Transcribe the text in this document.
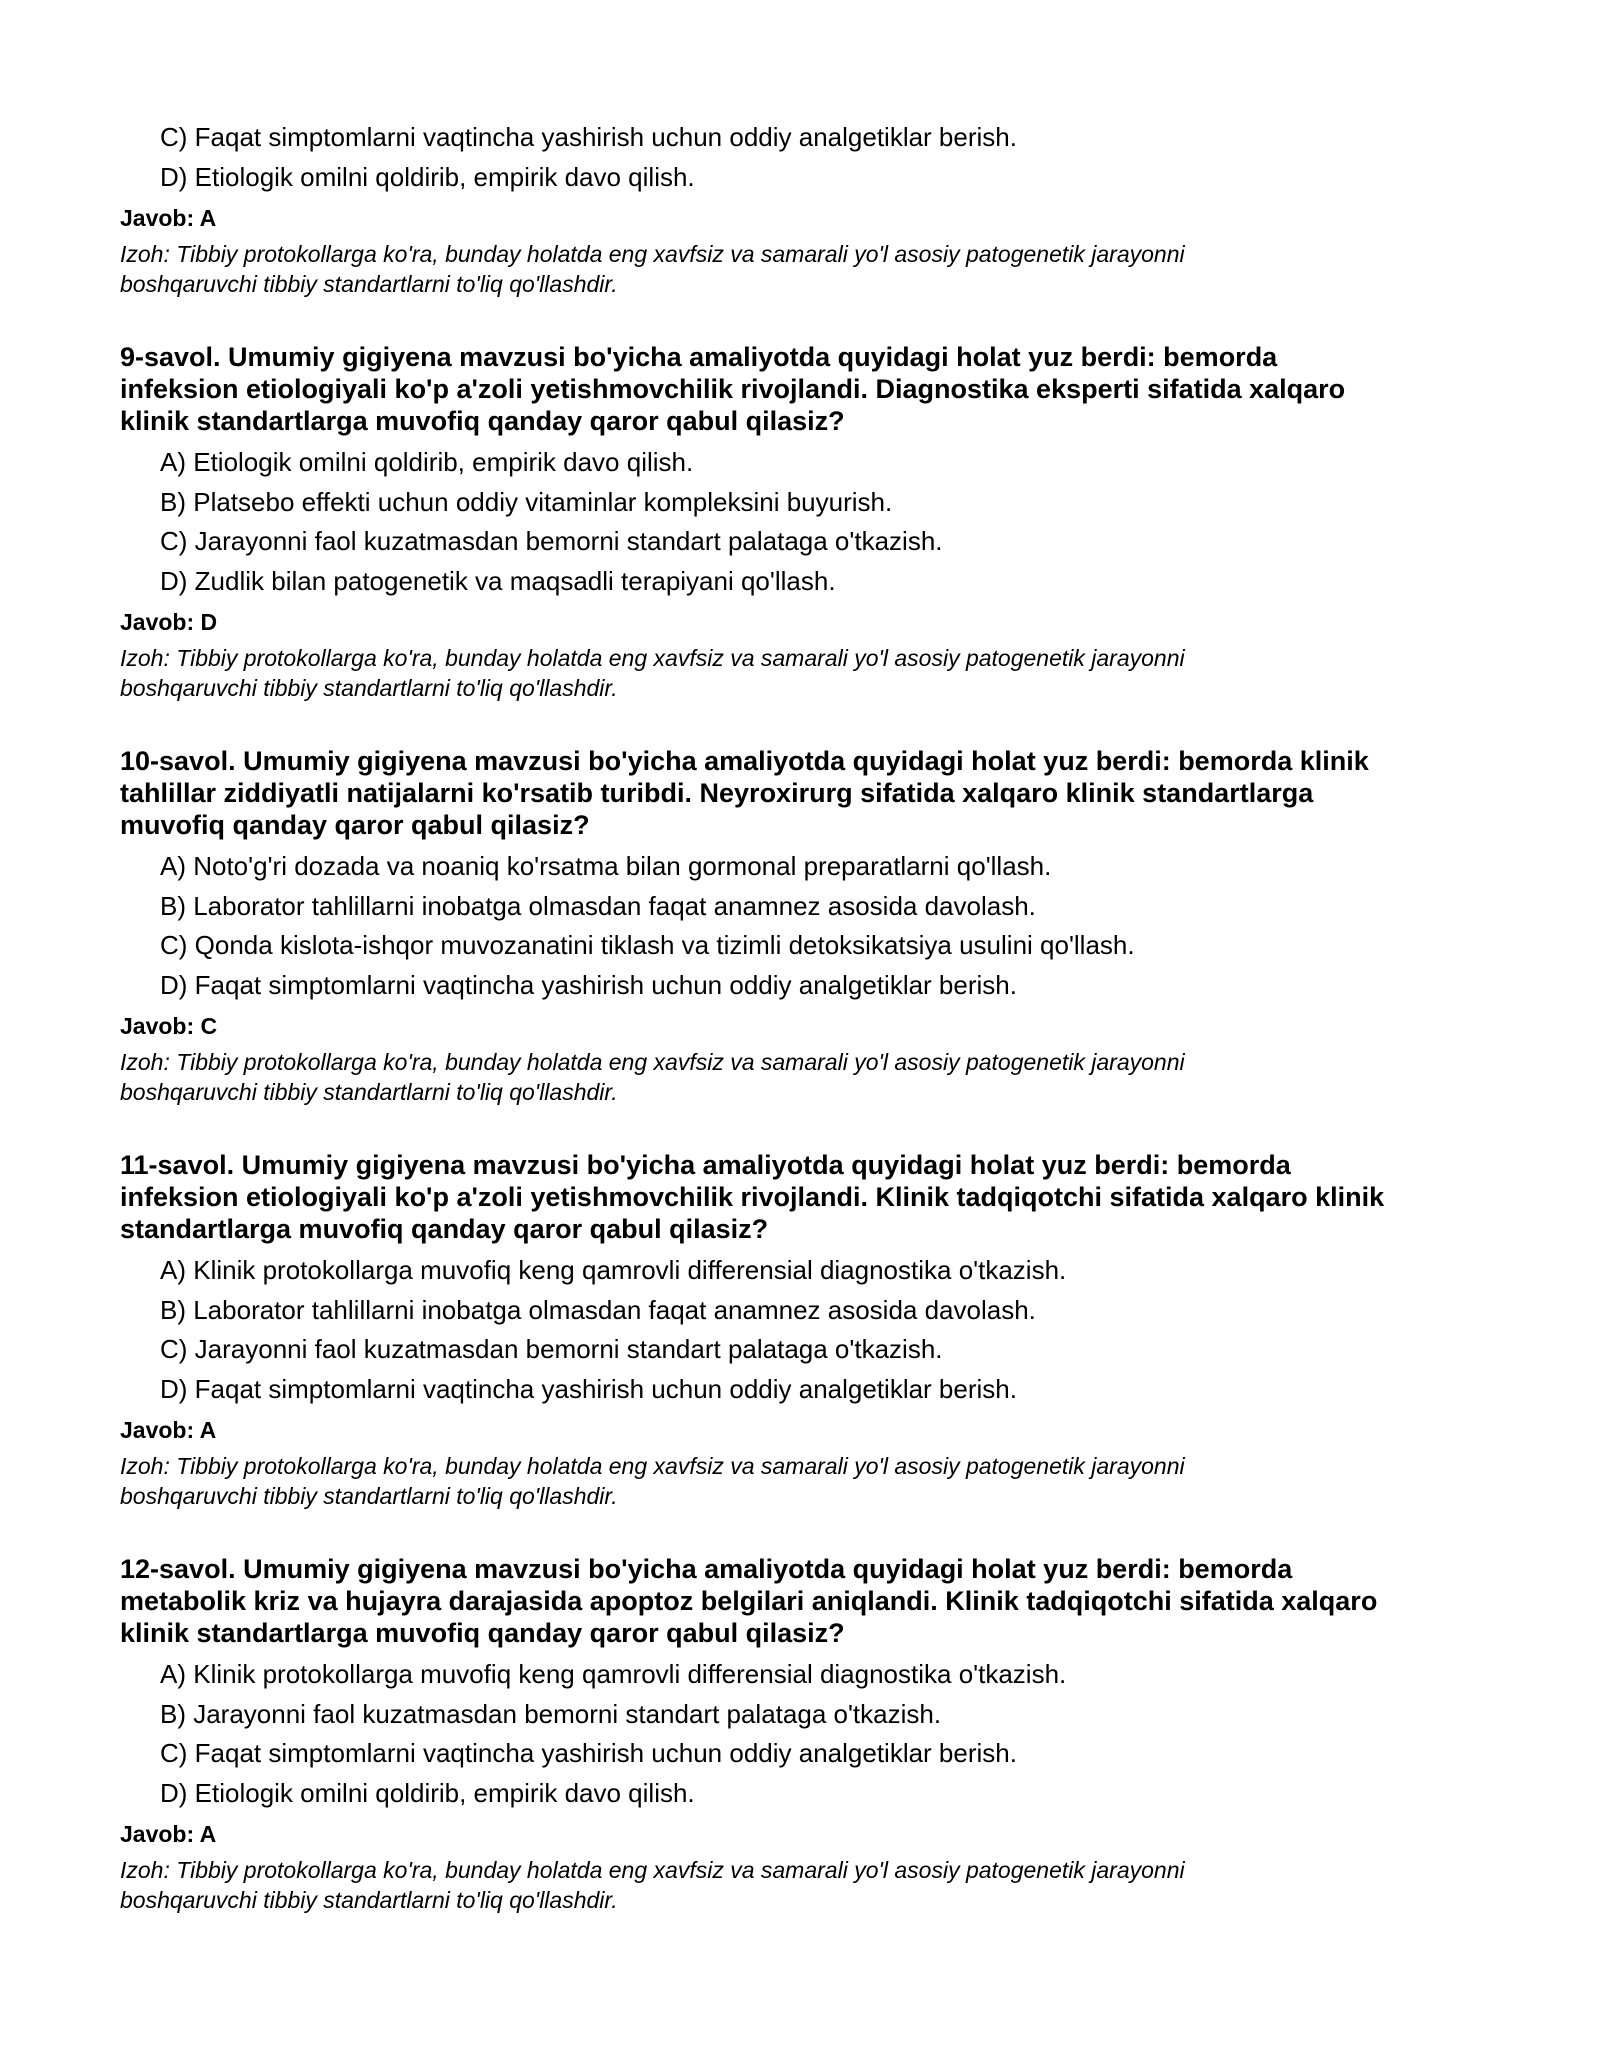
C) Faqat simptomlarni vaqtincha yashirish uchun oddiy analgetiklar berish.
D) Etiologik omilni qoldirib, empirik davo qilish.
Javob: A
Izoh: Tibbiy protokollarga ko'ra, bunday holatda eng xavfsiz va samarali yo'l asosiy patogenetik jarayonni
boshqaruvchi tibbiy standartlarni to'liq qo'llashdir.
9-savol. Umumiy gigiyena mavzusi bo'yicha amaliyotda quyidagi holat yuz berdi: bemorda
infeksion etiologiyali ko'p a'zoli yetishmovchilik rivojlandi. Diagnostika eksperti sifatida xalqaro
klinik standartlarga muvofiq qanday qaror qabul qilasiz?
A) Etiologik omilni qoldirib, empirik davo qilish.
B) Platsebo effekti uchun oddiy vitaminlar kompleksini buyurish.
C) Jarayonni faol kuzatmasdan bemorni standart palataga o'tkazish.
D) Zudlik bilan patogenetik va maqsadli terapiyani qo'llash.
Javob: D
Izoh: Tibbiy protokollarga ko'ra, bunday holatda eng xavfsiz va samarali yo'l asosiy patogenetik jarayonni
boshqaruvchi tibbiy standartlarni to'liq qo'llashdir.
10-savol. Umumiy gigiyena mavzusi bo'yicha amaliyotda quyidagi holat yuz berdi: bemorda klinik
tahlillar ziddiyatli natijalarni ko'rsatib turibdi. Neyroxirurg sifatida xalqaro klinik standartlarga
muvofiq qanday qaror qabul qilasiz?
A) Noto'g'ri dozada va noaniq ko'rsatma bilan gormonal preparatlarni qo'llash.
B) Laborator tahlillarni inobatga olmasdan faqat anamnez asosida davolash.
C) Qonda kislota-ishqor muvozanatini tiklash va tizimli detoksikatsiya usulini qo'llash.
D) Faqat simptomlarni vaqtincha yashirish uchun oddiy analgetiklar berish.
Javob: C
Izoh: Tibbiy protokollarga ko'ra, bunday holatda eng xavfsiz va samarali yo'l asosiy patogenetik jarayonni
boshqaruvchi tibbiy standartlarni to'liq qo'llashdir.
11-savol. Umumiy gigiyena mavzusi bo'yicha amaliyotda quyidagi holat yuz berdi: bemorda
infeksion etiologiyali ko'p a'zoli yetishmovchilik rivojlandi. Klinik tadqiqotchi sifatida xalqaro klinik
standartlarga muvofiq qanday qaror qabul qilasiz?
A) Klinik protokollarga muvofiq keng qamrovli differensial diagnostika o'tkazish.
B) Laborator tahlillarni inobatga olmasdan faqat anamnez asosida davolash.
C) Jarayonni faol kuzatmasdan bemorni standart palataga o'tkazish.
D) Faqat simptomlarni vaqtincha yashirish uchun oddiy analgetiklar berish.
Javob: A
Izoh: Tibbiy protokollarga ko'ra, bunday holatda eng xavfsiz va samarali yo'l asosiy patogenetik jarayonni
boshqaruvchi tibbiy standartlarni to'liq qo'llashdir.
12-savol. Umumiy gigiyena mavzusi bo'yicha amaliyotda quyidagi holat yuz berdi: bemorda
metabolik kriz va hujayra darajasida apoptoz belgilari aniqlandi. Klinik tadqiqotchi sifatida xalqaro
klinik standartlarga muvofiq qanday qaror qabul qilasiz?
A) Klinik protokollarga muvofiq keng qamrovli differensial diagnostika o'tkazish.
B) Jarayonni faol kuzatmasdan bemorni standart palataga o'tkazish.
C) Faqat simptomlarni vaqtincha yashirish uchun oddiy analgetiklar berish.
D) Etiologik omilni qoldirib, empirik davo qilish.
Javob: A
Izoh: Tibbiy protokollarga ko'ra, bunday holatda eng xavfsiz va samarali yo'l asosiy patogenetik jarayonni
boshqaruvchi tibbiy standartlarni to'liq qo'llashdir.
